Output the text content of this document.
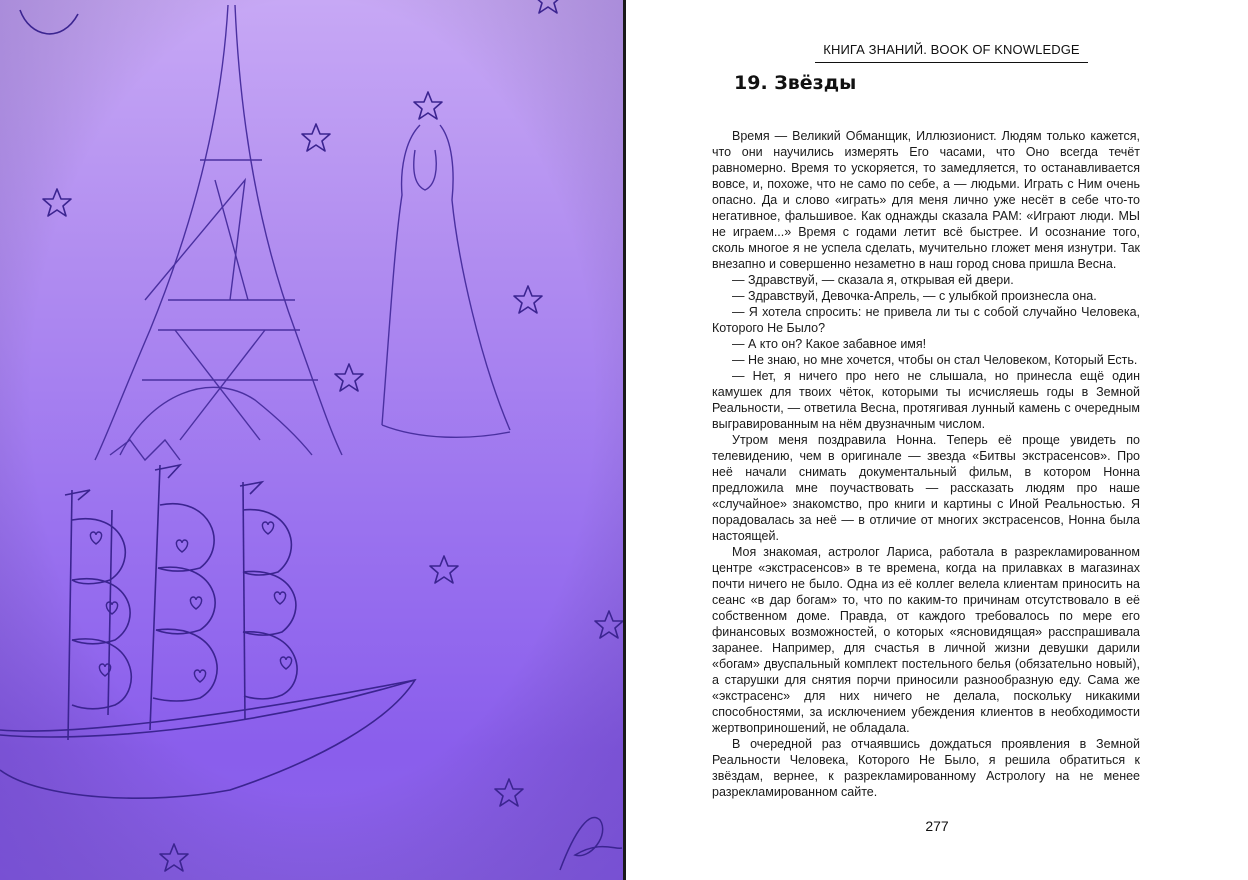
КНИГА ЗНАНИЙ. BOOK OF KNOWLEDGE
19. Звёзды

Время — Великий Обманщик, Иллюзионист. Людям только кажется, что они научились измерять Его часами, что Оно всегда течёт равномерно. Время то ускоряется, то замедляется, то останавливается вовсе, и, похоже, что не само по себе, а — людьми. Играть с Ним очень опасно. Да и слово «играть» для меня лично уже несёт в себе что-то негативное, фальшивое. Как однажды сказала РАМ: «Играют люди. МЫ не играем...» Время с годами летит всё быстрее. И осознание того, сколь многое я не успела сделать, мучительно гложет меня изнутри. Так внезапно и совершенно незаметно в наш город снова пришла Весна.

— Здравствуй, — сказала я, открывая ей двери.

— Здравствуй, Девочка-Апрель, — с улыбкой произнесла она.

— Я хотела спросить: не привела ли ты с собой случайно Человека, Которого Не Было?

— А кто он? Какое забавное имя!

— Не знаю, но мне хочется, чтобы он стал Человеком, Который Есть.

— Нет, я ничего про него не слышала, но принесла ещё один камушек для твоих чёток, которыми ты исчисляешь годы в Земной Реальности, — ответила Весна, протягивая лунный камень с очередным выгравированным на нём двузначным числом.

Утром меня поздравила Нонна. Теперь её проще увидеть по телевидению, чем в оригинале — звезда «Битвы экстрасенсов». Про неё начали снимать документальный фильм, в котором Нонна предложила мне поучаствовать — рассказать людям про наше «случайное» знакомство, про книги и картины с Иной Реальностью. Я порадовалась за неё — в отличие от многих экстрасенсов, Нонна была настоящей.

Моя знакомая, астролог Лариса, работала в разрекламированном центре «экстрасенсов» в те времена, когда на прилавках в магазинах почти ничего не было. Одна из её коллег велела клиентам приносить на сеанс «в дар богам» то, что по каким-то причинам отсутствовало в её собственном доме. Правда, от каждого требовалось по мере его финансовых возможностей, о которых «ясновидящая» расспрашивала заранее. Например, для счастья в личной жизни девушки дарили «богам» двуспальный комплект постельного белья (обязательно новый), а старушки для снятия порчи приносили разнообразную еду. Сама же «экстрасенс» для них ничего не делала, поскольку никакими способностями, за исключением убеждения клиентов в необходимости жертвоприношений, не обладала.

В очередной раз отчаявшись дождаться проявления в Земной Реальности Человека, Которого Не Было, я решила обратиться к звёздам, вернее, к разрекламированному Астрологу на не менее разрекламированном сайте.

277
